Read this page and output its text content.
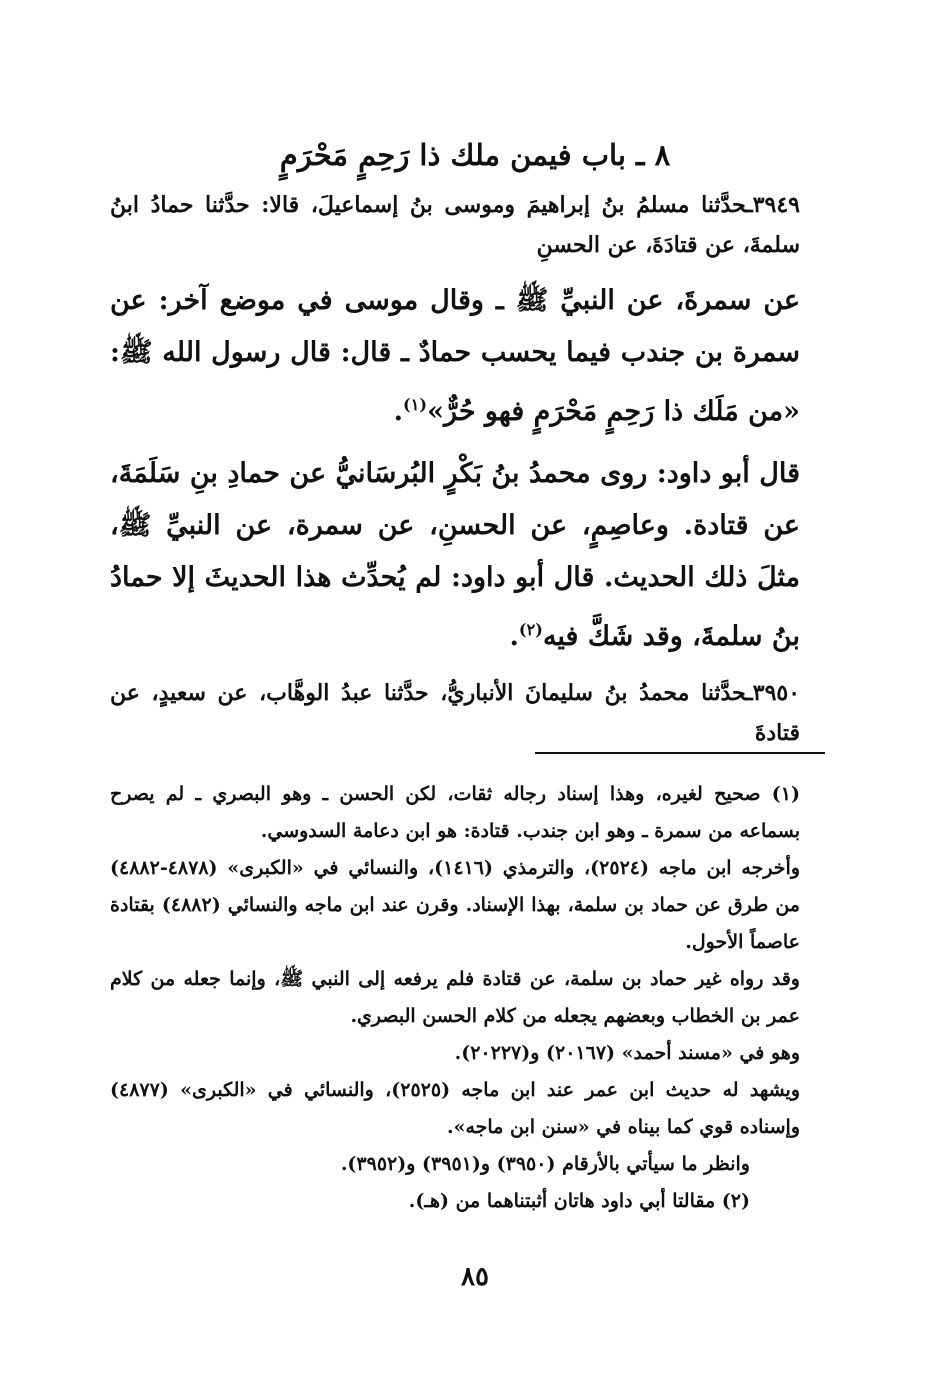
٨ ـ باب فيمن ملك ذا رَحِمٍ مَحْرَمٍ

٣٩٤٩ـحدَّثنا مسلمُ بنُ إبراهيمَ وموسى بنُ إسماعيلَ، قالا: حدَّثنا حمادُ ابنُ سلمةَ، عن قتادَةَ، عن الحسنِ

عن سمرةَ، عن النبيِّ ﷺ ـ وقال موسى في موضع آخر: عن سمرة بن جندب فيما يحسب حمادٌ ـ قال: قال رسول الله ﷺ: «من مَلَك ذا رَحِمٍ مَحْرَمٍ فهو حُرٌّ»$^{(١)}$.

قال أبو داود: روى محمدُ بنُ بَكْرٍ البُرسَانيُّ عن حمادِ بنِ سَلَمَةَ، عن قتادة. وعاصِمٍ، عن الحسنِ، عن سمرة، عن النبيِّ ﷺ، مثلَ ذلك الحديث. قال أبو داود: لم يُحدِّث هذا الحديثَ إلا حمادُ بنُ سلمةَ، وقد شَكَّ فيه$^{(٢)}$.

٣٩٥٠ـحدَّثنا محمدُ بنُ سليمانَ الأنباريُّ، حدَّثنا عبدُ الوهَّاب، عن سعيدٍ، عن قتادةَ

(١) صحيح لغيره، وهذا إسناد رجاله ثقات، لكن الحسن ـ وهو البصري ـ لم يصرح بسماعه من سمرة ـ وهو ابن جندب. قتادة: هو ابن دعامة السدوسي.

وأخرجه ابن ماجه (٢٥٢٤)، والترمذي (١٤١٦)، والنسائي في «الكبرى» (٤٨٧٨-٤٨٨٢) من طرق عن حماد بن سلمة، بهذا الإسناد. وقرن عند ابن ماجه والنسائي (٤٨٨٢) بقتادة عاصماً الأحول.

وقد رواه غير حماد بن سلمة، عن قتادة فلم يرفعه إلى النبي ﷺ، وإنما جعله من كلام عمر بن الخطاب وبعضهم يجعله من كلام الحسن البصري.

وهو في «مسند أحمد» (٢٠١٦٧) و(٢٠٢٢٧).

ويشهد له حديث ابن عمر عند ابن ماجه (٢٥٢٥)، والنسائي في «الكبرى» (٤٨٧٧) وإسناده قوي كما بيناه في «سنن ابن ماجه».

وانظر ما سيأتي بالأرقام (٣٩٥٠) و(٣٩٥١) و(٣٩٥٢).

(٢) مقالتا أبي داود هاتان أثبتناهما من (هـ).

٨٥
